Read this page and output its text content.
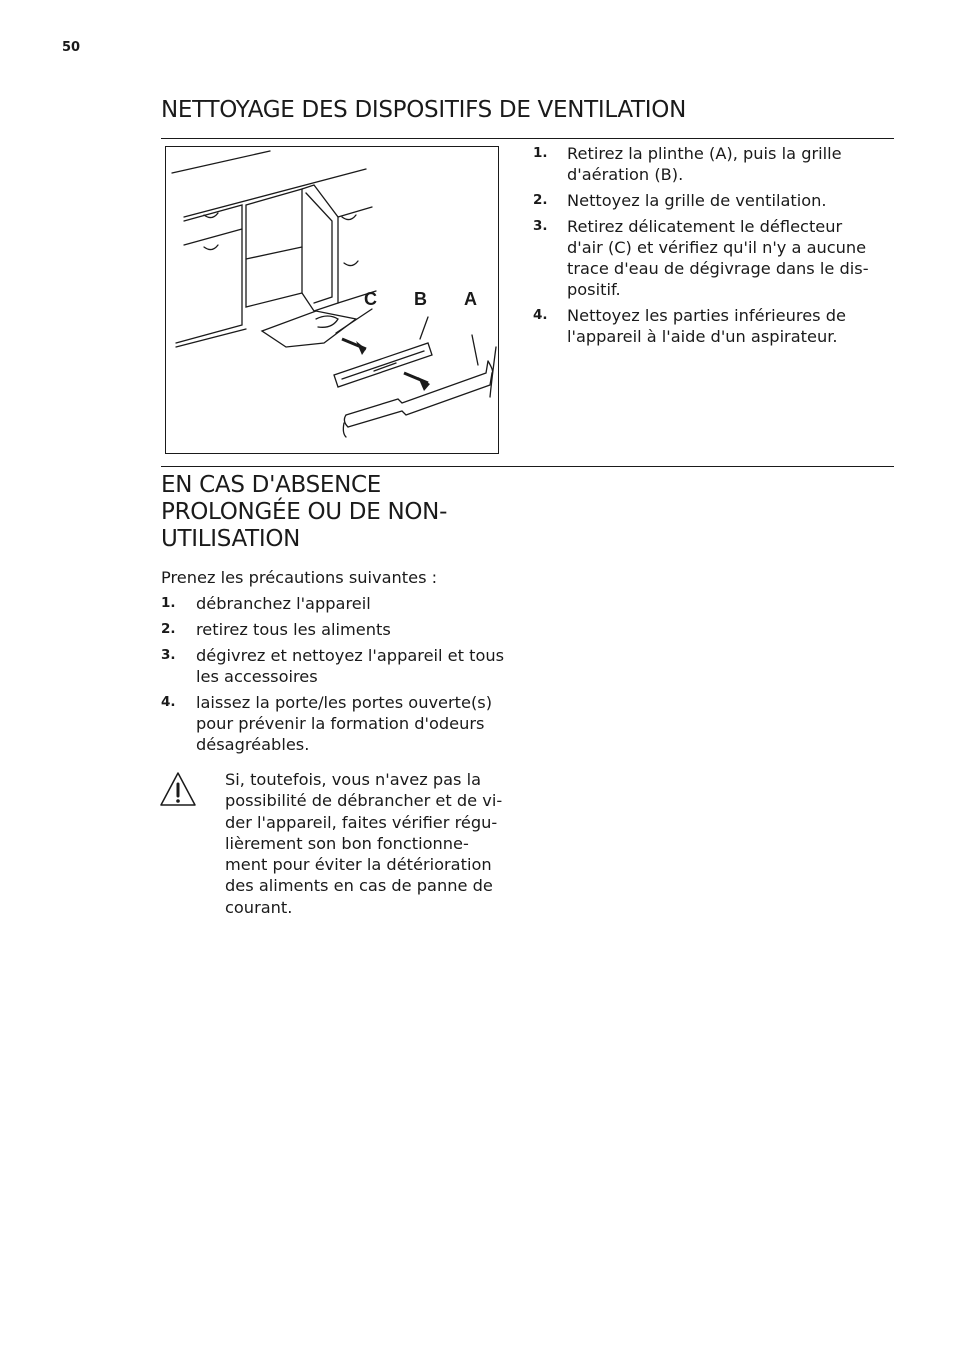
50
NETTOYAGE DES DISPOSITIFS DE VENTILATION
C B A
1. Retirez la plinthe (A), puis la grille d'aération (B).
2. Nettoyez la grille de ventilation.
3. Retirez délicatement le déflecteur d'air (C) et vérifiez qu'il n'y a aucune trace d'eau de dégivrage dans le dis-positif.
4. Nettoyez les parties inférieures de l'appareil à l'aide d'un aspirateur.
EN CAS D'ABSENCE
PROLONGÉE OU DE NON-
UTILISATION

Prenez les précautions suivantes :

1. débranchez l'appareil
2. retirez tous les aliments
3. dégivrez et nettoyez l'appareil et tous les accessoires
4. laissez la porte/les portes ouverte(s) pour prévenir la formation d'odeurs désagréables.

Si, toutefois, vous n'avez pas la

possibilité de débrancher et de vi-

der l'appareil, faites vérifier régu-

lièrement son bon fonctionne-

ment pour éviter la détérioration

des aliments en cas de panne de

courant.
